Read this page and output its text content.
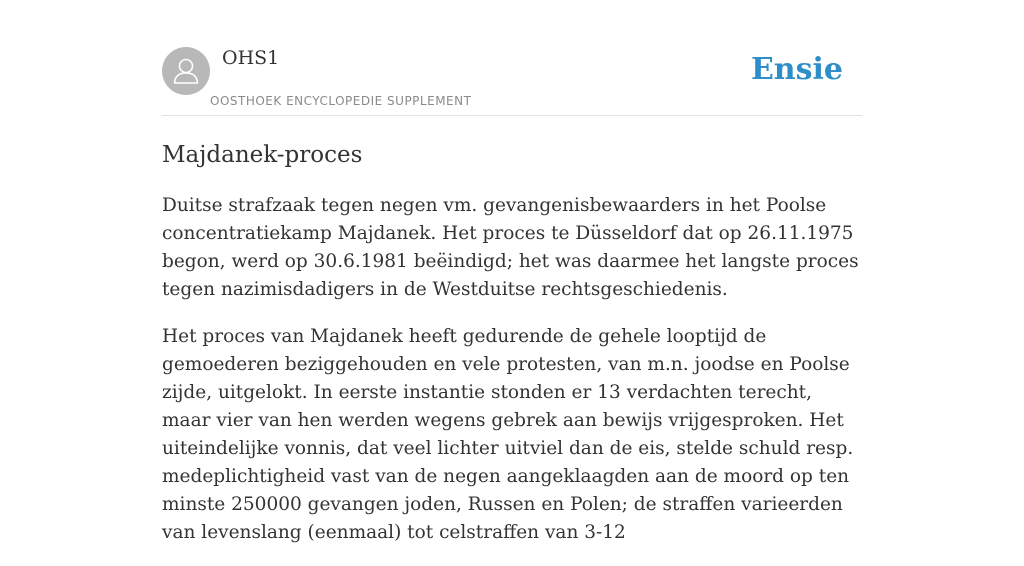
OHS1
OOSTHOEK ENCYCLOPEDIE SUPPLEMENT
Ensie
Majdanek-proces

Duitse strafzaak tegen negen vm. gevangenisbewaarders in het Poolse concentratiekamp Majdanek. Het proces te Düsseldorf dat op 26.11.1975 begon, werd op 30.6.1981 beëindigd; het was daarmee het langste proces tegen nazimisdadigers in de Westduitse rechtsgeschiedenis.

Het proces van Majdanek heeft gedurende de gehele looptijd de gemoederen beziggehouden en vele protesten, van m.n. joodse en Poolse zijde, uitgelokt. In eerste instantie stonden er 13 verdachten terecht, maar vier van hen werden wegens gebrek aan bewijs vrijgesproken. Het uiteindelijke vonnis, dat veel lichter uitviel dan de eis, stelde schuld resp. medeplichtigheid vast van de negen aangeklaagden aan de moord op ten minste 250000 gevangen joden, Russen en Polen; de straffen varieerden van levenslang (eenmaal) tot celstraffen van 3-12
